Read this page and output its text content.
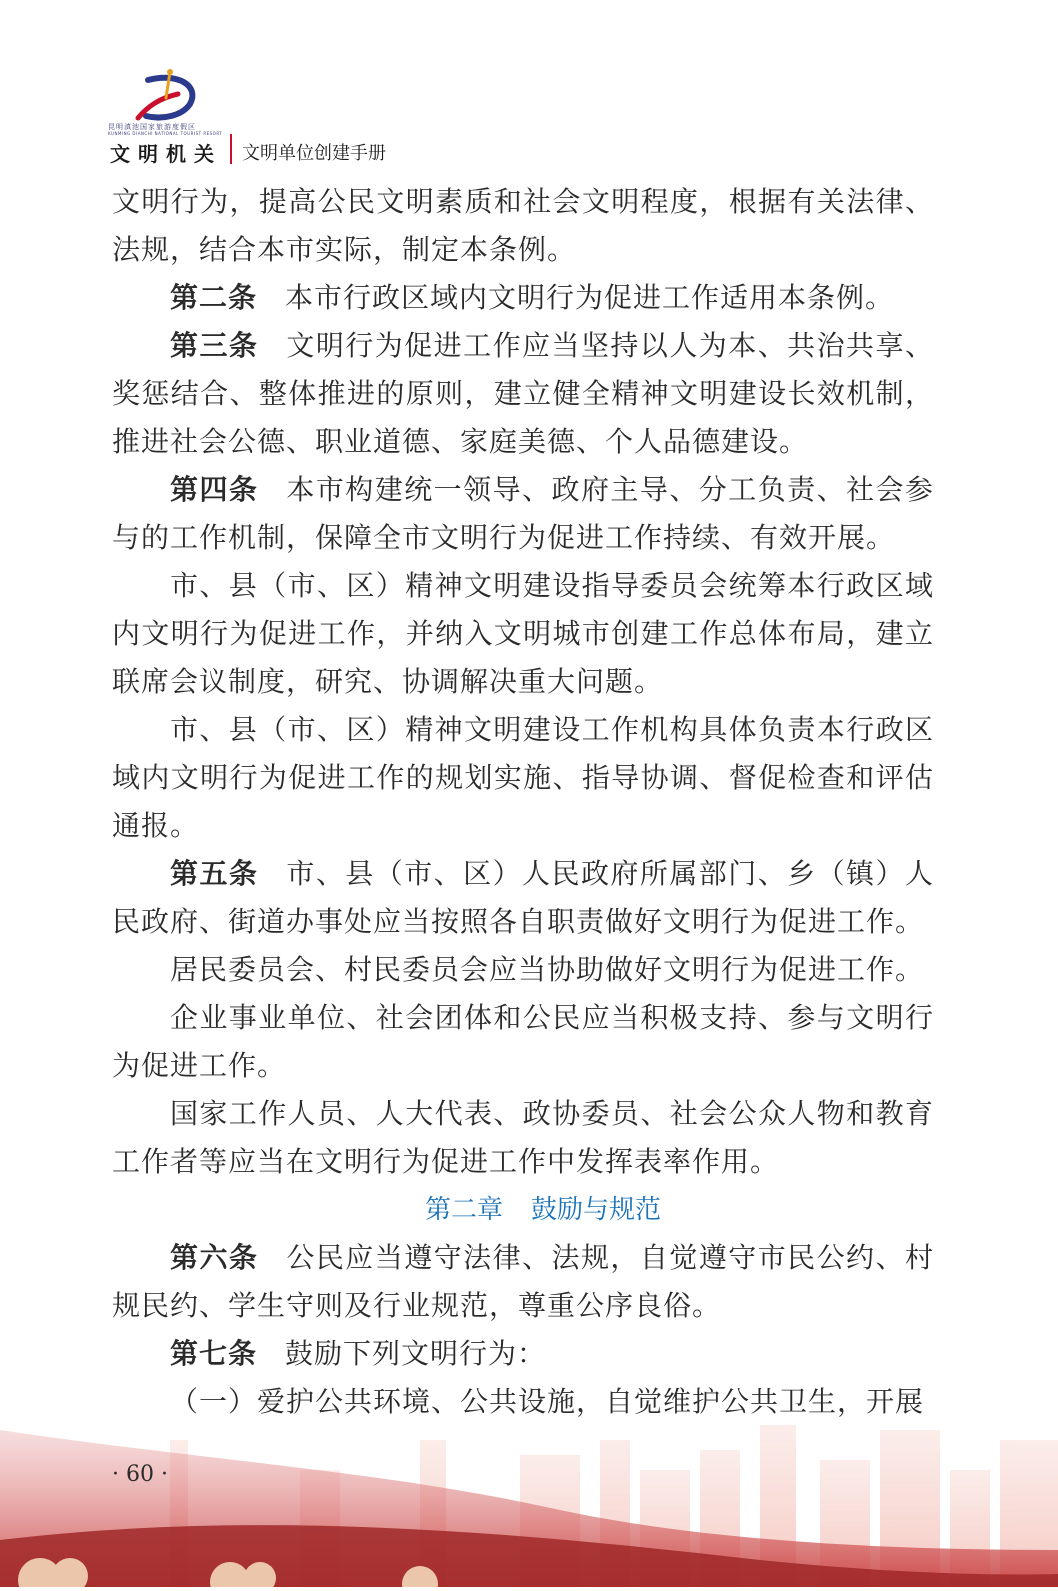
昆明滇池国家旅游度假区
KUNMING DIANCHI NATIONAL TOURIST RESORT
文明机关 文明单位创建手册

文明行为，提高公民文明素质和社会文明程度，根据有关法律、法规，结合本市实际，制定本条例。

第二条 本市行政区域内文明行为促进工作适用本条例。

第三条 文明行为促进工作应当坚持以人为本、共治共享、奖惩结合、整体推进的原则，建立健全精神文明建设长效机制，推进社会公德、职业道德、家庭美德、个人品德建设。

第四条 本市构建统一领导、政府主导、分工负责、社会参与的工作机制，保障全市文明行为促进工作持续、有效开展。

市、县（市、区）精神文明建设指导委员会统筹本行政区域内文明行为促进工作，并纳入文明城市创建工作总体布局，建立联席会议制度，研究、协调解决重大问题。

市、县（市、区）精神文明建设工作机构具体负责本行政区域内文明行为促进工作的规划实施、指导协调、督促检查和评估通报。

第五条 市、县（市、区）人民政府所属部门、乡（镇）人民政府、街道办事处应当按照各自职责做好文明行为促进工作。

居民委员会、村民委员会应当协助做好文明行为促进工作。

企业事业单位、社会团体和公民应当积极支持、参与文明行为促进工作。

国家工作人员、人大代表、政协委员、社会公众人物和教育工作者等应当在文明行为促进工作中发挥表率作用。

第二章 鼓励与规范

第六条 公民应当遵守法律、法规，自觉遵守市民公约、村规民约、学生守则及行业规范，尊重公序良俗。

第七条 鼓励下列文明行为：

（一）爱护公共环境、公共设施，自觉维护公共卫生，开展

· 60 ·
